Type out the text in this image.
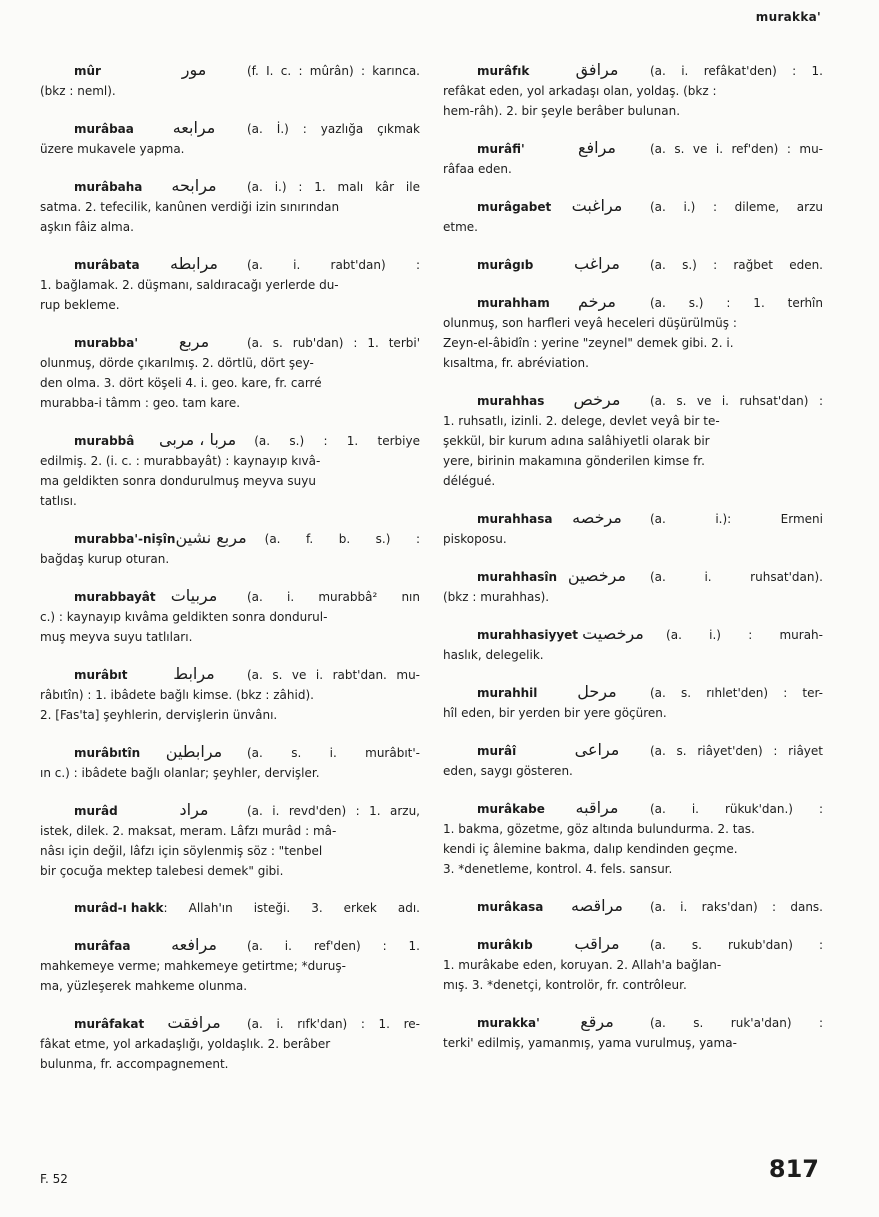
murakka'
mûr	مور	(f. I. c. : mûrân) : karınca.
(bkz : neml).
murâbaa	مرابعه	(a. İ.) : yazlığa çıkmak
üzere mukavele yapma.
murâbaha	مرابحه	(a. i.) : 1. malı kâr ile
satma. 2. tefecilik, kanûnen verdiği izin sınırından
aşkın fâiz alma.
murâbata	مرابطه	(a. i. rabt'dan) :
1. bağlamak. 2. düşmanı, saldıracağı yerlerde du-
rup bekleme.
murabba'	مربع	(a. s. rub'dan) : 1. terbi'
olunmuş, dörde çıkarılmış. 2. dörtlü, dört şey-
den olma. 3. dört köşeli 4. i. geo. kare, fr. carré
murabba-i tâmm : geo. tam kare.
murabbâ	مربا ، مربى (a. s.) : 1. terbiye
edilmiş. 2. (i. c. : murabbayât) : kaynayıp kıvâ-
ma geldikten sonra dondurulmuş meyva suyu
tatlısı.
murabba'-nişîn مربع نشين (a. f. b. s.) :
bağdaş kurup oturan.
murabbayât مربيات	(a. i. murabbâ² nın
c.) : kaynayıp kıvâma geldikten sonra dondurul-
muş meyva suyu tatlıları.
murâbıt	مرابط	(a. s. ve i. rabt'dan. mu-
râbıtîn) : 1. ibâdete bağlı kimse. (bkz : zâhid).
2. [Fas'ta] şeyhlerin, dervişlerin ünvânı.
murâbıtîn	مرابطين	(a. s. i. murâbıt'-
ın c.) : ibâdete bağlı olanlar; şeyhler, dervişler.
murâd	مراد	(a. i. revd'den) : 1. arzu,
istek, dilek. 2. maksat, meram. Lâfzı murâd : mâ-
nâsı için değil, lâfzı için söylenmiş söz : "tenbel
bir çocuğa mektep talebesi demek" gibi.
murâd-ı hakk : Allah'ın isteği. 3. erkek adı.
murâfaa	مرافعه	(a. i. ref'den) : 1.
mahkemeye verme; mahkemeye getirtme; *duruş-
ma, yüzleşerek mahkeme olunma.
murâfakat	مرافقت	(a. i. rıfk'dan) : 1. re-
fâkat etme, yol arkadaşlığı, yoldaşlık. 2. berâber
bulunma, fr. accompagnement.
murâfık	مرافق	(a. i. refâkat'den) : 1.
refâkat eden, yol arkadaşı olan, yoldaş. (bkz :
hem-râh). 2. bir şeyle berâber bulunan.
murâfi'	مرافع	(a. s. ve i. ref'den) : mu-
râfaa eden.
murâgabet	مراغبت	(a. i.) : dileme, arzu
etme.
murâgıb	مراغب	(a. s.) : rağbet eden.
murahham	مرخم	(a. s.) : 1. terhîn
olunmuş, son harfleri veyâ heceleri düşürülmüş :
Zeyn-el-âbidîn : yerine "zeynel" demek gibi. 2. i.
kısaltma, fr. abréviation.
murahhas	مرخص	(a. s. ve i. ruhsat'dan) :
1. ruhsatlı, izinli. 2. delege, devlet veyâ bir te-
şekkül, bir kurum adına salâhiyetli olarak bir
yere, birinin makamına gönderilen kimse fr.
délégué.
murahhasa	مرخصه	(a. i.): Ermeni
piskoposu.
murahhasîn مرخصين	(a. i. ruhsat'dan).
(bkz : murahhas).
murahhasiyyet مرخصيت	(a. i.) : murah-
haslık, delegelik.
murahhil	مرحل	(a. s. rıhlet'den) : ter-
hîl eden, bir yerden bir yere göçüren.
murâî	مراعى	(a. s. riâyet'den) : riâyet
eden, saygı gösteren.
murâkabe	مراقبه	(a. i. rükuk'dan.) :
1. bakma, gözetme, göz altında bulundurma. 2. tas.
kendi iç âlemine bakma, dalıp kendinden geçme.
3. *denetleme, kontrol. 4. fels. sansur.
murâkasa	مراقصه	(a. i. raks'dan) : dans.
murâkıb	مراقب	(a. s. rukub'dan) :
1. murâkabe eden, koruyan. 2. Allah'a bağlan-
mış. 3. *denetçi, kontrolör, fr. contrôleur.
murakka'	مرقع	(a. s. ruk'a'dan) :
terki' edilmiş, yamanmış, yama vurulmuş, yama-
F. 52	817
